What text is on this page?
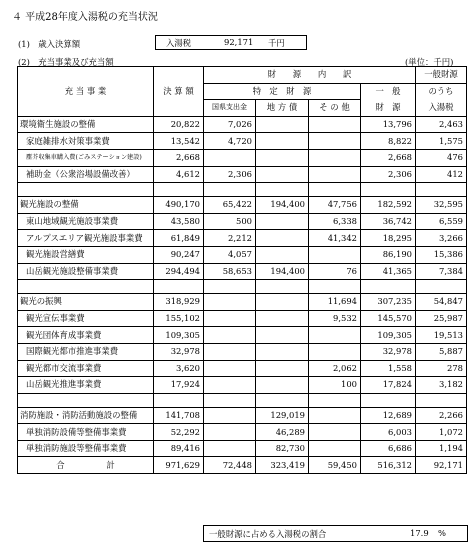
４ 平成28年度入湯税の充当状況
(1)　歳入決算額	入湯税	92,171 千円
(2)　充当事業及び充当額	(単位：千円)
充 当 事 業	決 算 額	財　　源　　内　　訳				一般財源
		特　定　財　源			一　般	のうち
		国県支出金	地 方 債	そ の 他	財　源	入湯税
環境衛生施設の整備	20,822	7,026			13,796	2,463
家庭雑排水対策事業費	13,542	4,720			8,822	1,575
塵芥収集車購入費(ごみステーション建設)	2,668				2,668	476
補助金（公衆浴場設備改善）	4,612	2,306			2,306	412

観光施設の整備	490,170	65,422	194,400	47,756	182,592	32,595
東山地域観光施設事業費	43,580	500		6,338	36,742	6,559
アルプスエリア観光施設事業費	61,849	2,212		41,342	18,295	3,266
観光施設営繕費	90,247	4,057			86,190	15,386
山岳観光施設整備事業費	294,494	58,653	194,400	76	41,365	7,384

観光の振興	318,929			11,694	307,235	54,847
観光宣伝事業費	155,102			9,532	145,570	25,987
観光団体育成事業費	109,305				109,305	19,513
国際観光都市推進事業費	32,978				32,978	5,887
観光都市交流事業費	3,620			2,062	1,558	278
山岳観光推進事業費	17,924			100	17,824	3,182

消防施設・消防活動施設の整備	141,708		129,019		12,689	2,266
単独消防設備等整備事業費	52,292		46,289		6,003	1,072
単独消防施設等整備事業費	89,416		82,730		6,686	1,194
合　　　　　計	971,629	72,448	323,419	59,450	516,312	92,171
一般財源に占める入湯税の割合	17.9 %
